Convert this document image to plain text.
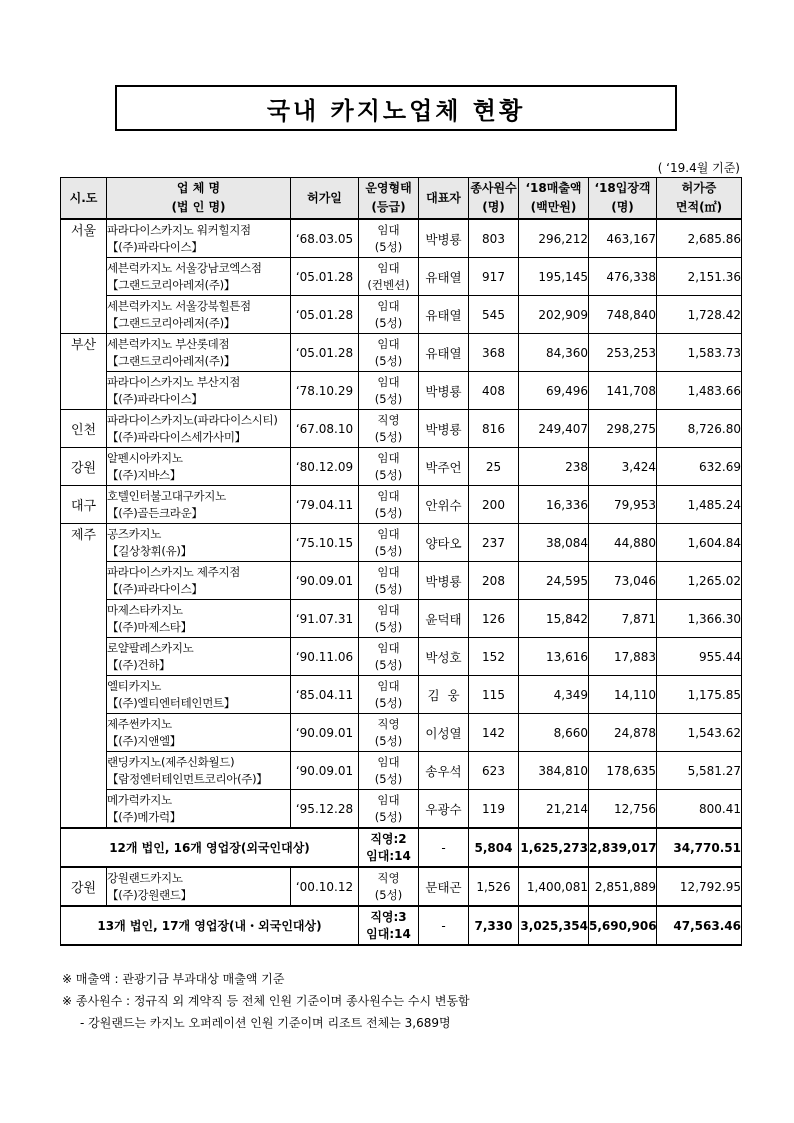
국내 카지노업체 현황
( ‘19.4월 기준)
시.도	업 체 명
(법 인 명)	허가일	운영형태
(등급)	대표자	종사원수
(명)	‘18매출액
(백만원)	‘18입장객
(명)	허가증
면적(㎡)
서울	파라다이스카지노 워커힐지점
【(주)파라다이스】	‘68.03.05	임대
(5성)	박병룡	803	296,212	463,167	2,685.86
	세븐럭카지노 서울강남코엑스점
【그랜드코리아레저(주)】	‘05.01.28	임대
(컨벤션)	유태열	917	195,145	476,338	2,151.36
	세븐럭카지노 서울강북힐튼점
【그랜드코리아레저(주)】	‘05.01.28	임대
(5성)	유태열	545	202,909	748,840	1,728.42
부산	세븐럭카지노 부산롯데점
【그랜드코리아레저(주)】	‘05.01.28	임대
(5성)	유태열	368	84,360	253,253	1,583.73
	파라다이스카지노 부산지점
【(주)파라다이스】	‘78.10.29	임대
(5성)	박병룡	408	69,496	141,708	1,483.66
인천	파라다이스카지노(파라다이스시티)
【(주)파라다이스세가사미】	‘67.08.10	직영
(5성)	박병룡	816	249,407	298,275	8,726.80
강원	알펜시아카지노
【(주)지바스】	‘80.12.09	임대
(5성)	박주언	25	238	3,424	632.69
대구	호텔인터불고대구카지노
【(주)골든크라운】	‘79.04.11	임대
(5성)	안위수	200	16,336	79,953	1,485.24
제주	공즈카지노
【길상창휘(유)】	‘75.10.15	임대
(5성)	양타오	237	38,084	44,880	1,604.84
	파라다이스카지노 제주지점
【(주)파라다이스】	‘90.09.01	임대
(5성)	박병룡	208	24,595	73,046	1,265.02
	마제스타카지노
【(주)마제스타】	‘91.07.31	임대
(5성)	윤덕태	126	15,842	7,871	1,366.30
	로얄팔레스카지노
【(주)건하】	‘90.11.06	임대
(5성)	박성호	152	13,616	17,883	955.44
	엘티카지노
【(주)엘티엔터테인먼트】	‘85.04.11	임대
(5성)	김  웅	115	4,349	14,110	1,175.85
	제주썬카지노
【(주)지앤엘】	‘90.09.01	직영
(5성)	이성열	142	8,660	24,878	1,543.62
	랜딩카지노(제주신화월드)
【람정엔터테인먼트코리아(주)】	‘90.09.01	임대
(5성)	송우석	623	384,810	178,635	5,581.27
	메가럭카지노
【(주)메가럭】	‘95.12.28	임대
(5성)	우광수	119	21,214	12,756	800.41
12개 법인, 16개 영업장(외국인대상)			직영:2
임대:14	-	5,804	1,625,273	2,839,017	34,770.51
강원	강원랜드카지노
【(주)강원랜드】	‘00.10.12	직영
(5성)	문태곤	1,526	1,400,081	2,851,889	12,792.95
13개 법인, 17개 영업장(내・외국인대상)			직영:3
임대:14	-	7,330	3,025,354	5,690,906	47,563.46
※ 매출액 : 관광기금 부과대상 매출액 기준
※ 종사원수 : 정규직 외 계약직 등 전체 인원 기준이며 종사원수는 수시 변동함
- 강원랜드는 카지노 오퍼레이션 인원 기준이며 리조트 전체는 3,689명
